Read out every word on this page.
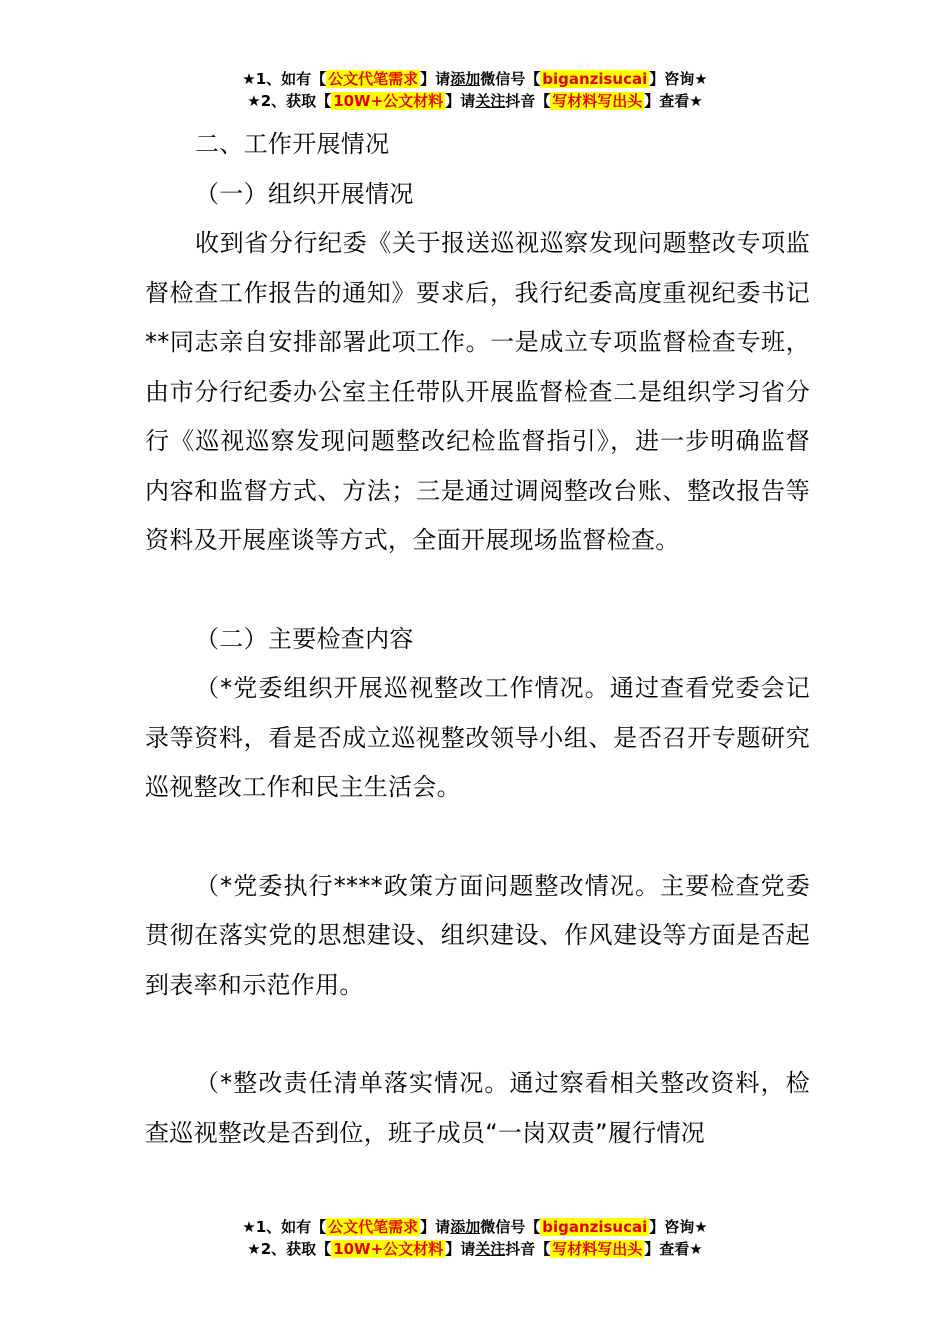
★1、如有【 公文代笔需求 】请添加微信号【 biganzisucai 】咨询★
★2、获取【 10W+公文材料 】请关注抖音【 写材料写出头 】查看★

二、工作开展情况

（一）组织开展情况

收到省分行纪委《关于报送巡视巡察发现问题整改专项监督检查工作报告的通知》要求后，我行纪委高度重视纪委书记**同志亲自安排部署此项工作。一是成立专项监督检查专班，由市分行纪委办公室主任带队开展监督检查二是组织学习省分行《巡视巡察发现问题整改纪检监督指引》，进一步明确监督内容和监督方式、方法；三是通过调阅整改台账、整改报告等资料及开展座谈等方式，全面开展现场监督检查。

（二）主要检查内容

（*党委组织开展巡视整改工作情况。通过查看党委会记录等资料，看是否成立巡视整改领导小组、是否召开专题研究巡视整改工作和民主生活会。

（*党委执行****政策方面问题整改情况。主要检查党委贯彻在落实党的思想建设、组织建设、作风建设等方面是否起到表率和示范作用。

（*整改责任清单落实情况。通过察看相关整改资料，检查巡视整改是否到位，班子成员“一岗双责”履行情况

★1、如有【 公文代笔需求 】请添加微信号【 biganzisucai 】咨询★
★2、获取【 10W+公文材料 】请关注抖音【 写材料写出头 】查看★
